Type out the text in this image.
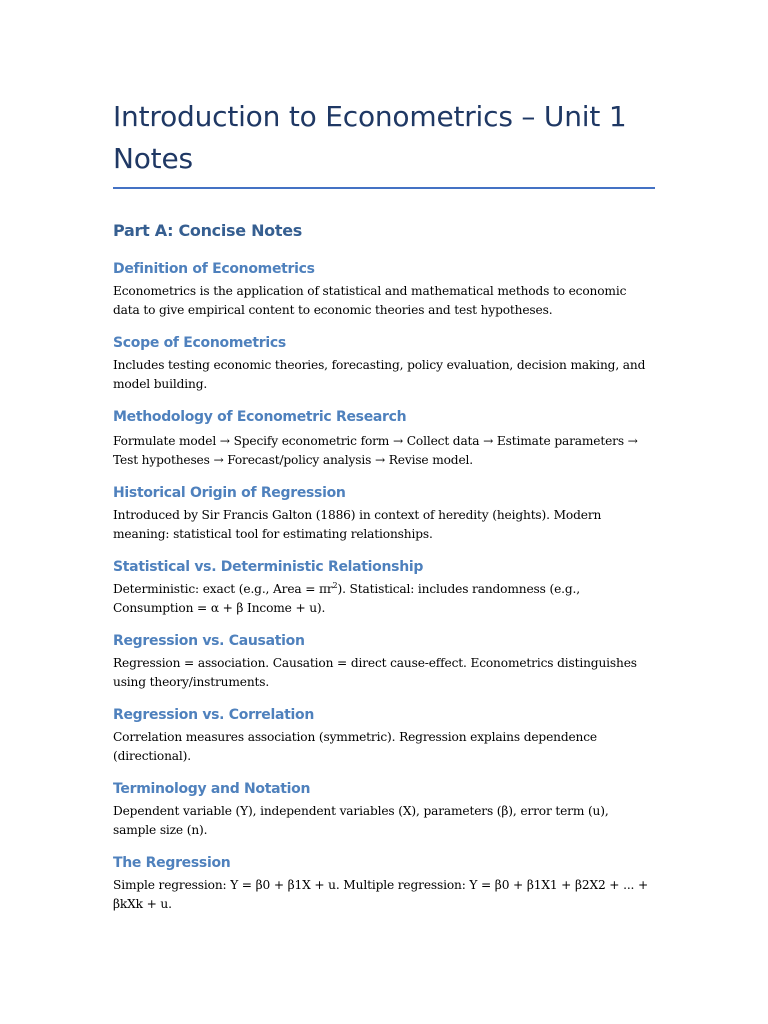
Introduction to Econometrics – Unit 1 Notes
Part A: Concise Notes
Definition of Econometrics

Econometrics is the application of statistical and mathematical methods to economic data to give empirical content to economic theories and test hypotheses.

Scope of Econometrics

Includes testing economic theories, forecasting, policy evaluation, decision making, and model building.

Methodology of Econometric Research

Formulate model → Specify econometric form → Collect data → Estimate parameters → Test hypotheses → Forecast/policy analysis → Revise model.

Historical Origin of Regression

Introduced by Sir Francis Galton (1886) in context of heredity (heights). Modern meaning: statistical tool for estimating relationships.

Statistical vs. Deterministic Relationship

Deterministic: exact (e.g., Area = $\pi r^2$). Statistical: includes randomness (e.g., Consumption = α + β Income + u).

Regression vs. Causation

Regression = association. Causation = direct cause-effect. Econometrics distinguishes using theory/instruments.

Regression vs. Correlation

Correlation measures association (symmetric). Regression explains dependence (directional).

Terminology and Notation

Dependent variable (Y), independent variables (X), parameters (β), error term (u), sample size (n).

The Regression

Simple regression: Y = β0 + β1X + u. Multiple regression: Y = β0 + β1X1 + β2X2 + ... + βkXk + u.
